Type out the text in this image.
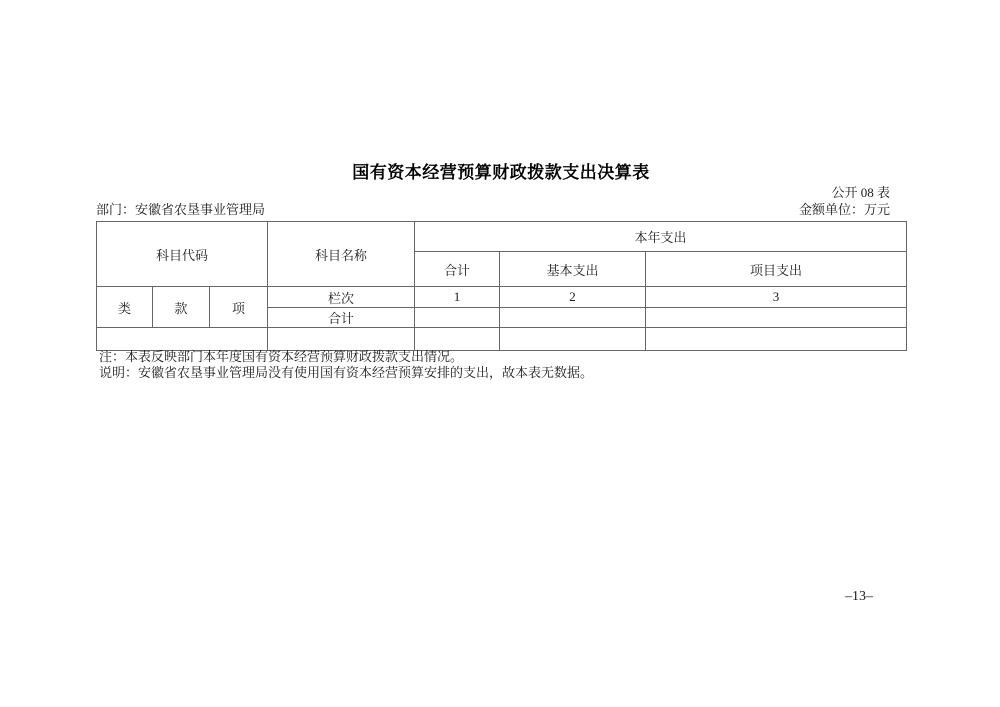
国有资本经营预算财政拨款支出决算表
公开 08 表
部门：安徽省农垦事业管理局	金额单位：万元
科目代码			科目名称	本年支出		
				合计	基本支出	项目支出
类	款	项	栏次	1	2	3
			合计			

注：本表反映部门本年度国有资本经营预算财政拨款支出情况。
说明：安徽省农垦事业管理局没有使用国有资本经营预算安排的支出，故本表无数据。
–13–
